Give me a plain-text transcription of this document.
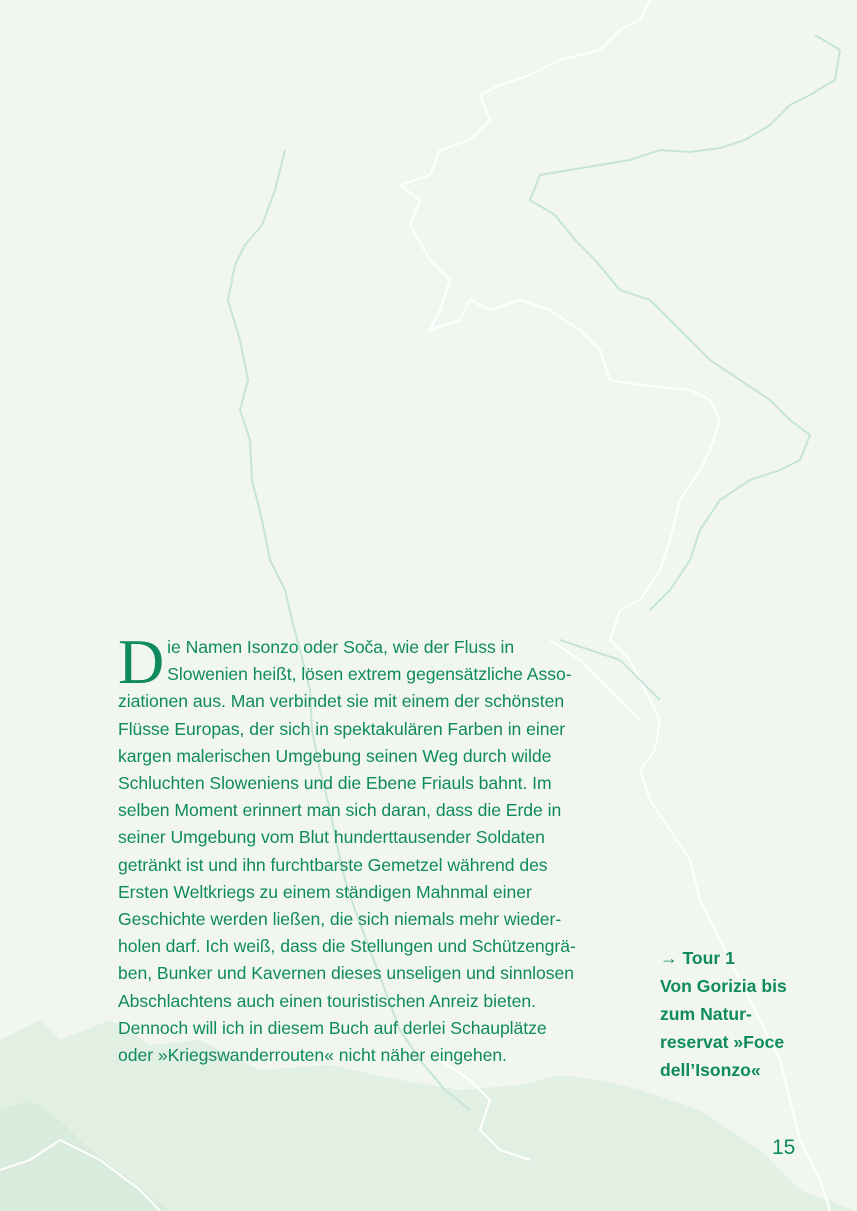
D ie Namen Isonzo oder Soča, wie der Fluss in
Slowenien heißt, lösen extrem gegensätzliche Asso-
ziationen aus. Man verbindet sie mit einem der schönsten
Flüsse Europas, der sich in spektakulären Farben in einer
kargen malerischen Umgebung seinen Weg durch wilde
Schluchten Sloweniens und die Ebene Friauls bahnt. Im
selben Moment erinnert man sich daran, dass die Erde in
seiner Umgebung vom Blut hunderttausender Soldaten
getränkt ist und ihn furchtbarste Gemetzel während des
Ersten Weltkriegs zu einem ständigen Mahnmal einer
Geschichte werden ließen, die sich niemals mehr wieder-
holen darf. Ich weiß, dass die Stellungen und Schützengrä-
ben, Bunker und Kavernen dieses unseligen und sinnlosen
Abschlachtens auch einen touristischen Anreiz bieten.
Dennoch will ich in diesem Buch auf derlei Schauplätze
oder »Kriegswanderrouten« nicht näher eingehen.

→ Tour 1
Von Gorizia bis
zum Natur-
reservat »Foce
dell’Isonzo«
15
